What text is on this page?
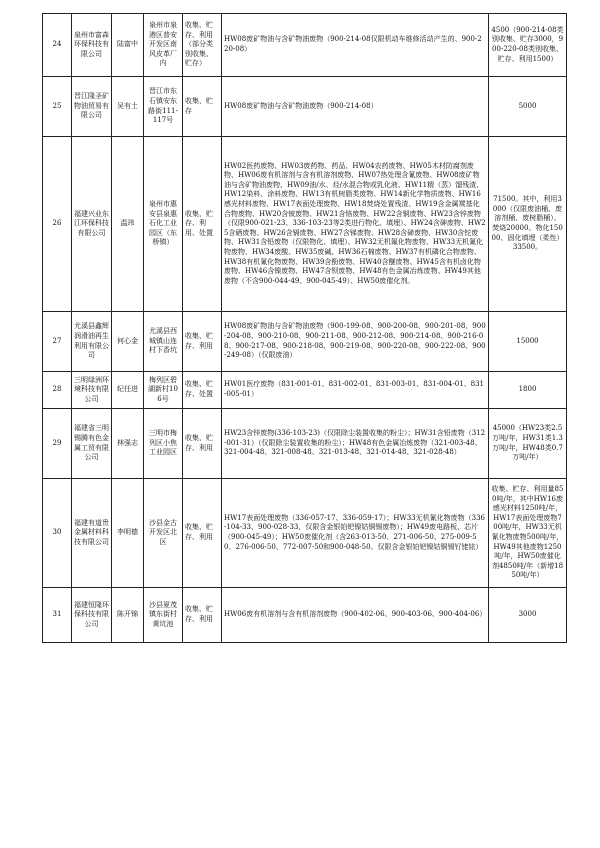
24	泉州市富森环保科技有限公司	陆富中	泉州市泉港区普安开发区南风皮革厂内	收集、贮存、利用（部分类别收集、贮存）	HW08废矿物油与含矿物油废物（900-214-08仅限机动车维修活动产生的、900-220-08）	4500（900-214-08类别收集、贮存3000，900-220-08类别收集、贮存、利用1500）
25	晋江隆圣矿物油贸易有限公司	吴有土	晋江市东石镇安东路街111-117号	收集、贮存	HW08废矿物油与含矿物油废物（900-214-08）	5000
26	福建兴业东江环保科技有限公司	温玮	泉州市惠安县泉惠石化工业园区（东桥镇）	收集、贮存、利用、处置	HW02医药废物、HW03废药物、药品、HW04农药废物、HW05木材防腐剂废物、HW06废有机溶剂与含有机溶剂废物、HW07热处理含氰废物、HW08废矿物油与含矿物油废物、HW09油/水、烃/水混合物或乳化液、HW11精（蒸）馏残渣、HW12染料、涂料废物、HW13有机树脂类废物、HW14新化学物质废物、HW16感光材料废物、HW17表面处理废物、HW18焚烧处置残渣、HW19含金属羰基化合物废物、HW20含铍废物、HW21含铬废物、HW22含铜废物、HW23含锌废物（仅限900-021-23、336-103-23等2类进行物化、填埋）、HW24含砷废物、HW25含硒废物、HW26含镉废物、HW27含锑废物、HW28含碲废物、HW30含铊废物、HW31含铅废物（仅限物化、填埋）、HW32无机氟化物废物、HW33无机氰化物废物、HW34废酸、HW35废碱、HW36石棉废物、HW37有机磷化合物废物、HW38有机氰化物废物、HW39含酚废物、HW40含醚废物、HW45含有机卤化物废物、HW46含镍废物、HW47含钡废物、HW48有色金属冶炼废物、HW49其他废物（不含900-044-49、900-045-49）、HW50废催化剂。	71500。其中，利用3000（仅限废油桶、废溶剂桶、废树脂桶）、焚烧20000、物化15000、固化填埋（柔性）33500。
27	尤溪县鑫辉润滑油再生利用有限公司	何心金	尤溪县西城镇山连村下香坑	收集、贮存、利用	HW08废矿物油与含矿物油废物（900-199-08、900-200-08、900-201-08、900-204-08、900-210-08、900-211-08、900-212-08、900-214-08、900-216-08、900-217-08、900-218-08、900-219-08、900-220-08、900-222-08、900-249-08）（仅限废油）	15000
28	三明绿洲环境科技有限公司	纪任进	梅列区碧湖新村106号	收集、贮存、处置	HW01医疗废物（831-001-01、831-002-01、831-003-01、831-004-01、831-005-01）	1800
29	福建省三明锡腾有色金属工贸有限公司	林强志	三明市梅列区小焦工业园区	收集、贮存、利用	HW23含锌废物(336-103-23)（仅限除尘装置收集的粉尘）；HW31含铅废物（312-001-31）（仅限除尘装置收集的粉尘）；HW48有色金属冶炼废物（321-003-48、321-004-48、321-008-48、321-013-48、321-014-48、321-028-48）	45000（HW23类2.5万吨/年，HW31类1.3万吨/年，HW48类0.7万吨/年）
30	福建有道贵金属材料科技有限公司	李明德	沙县金古开发区北区	收集、贮存、利用	HW17表面处理废物（336-057-17、336-059-17）；HW33无机氰化物废物（336-104-33、900-028-33，仅限含金银铂钯镍钴铜锡废物）；HW49废电路板、芯片（900-045-49）；HW50废催化剂（含263-013-50、271-006-50、275-009-50、276-006-50、772-007-50和900-048-50。仅限含金银铂钯镍钴铜锡钌铑铱）	收集、贮存、利用量850吨/年，其中HW16废感光材料1250吨/年，HW17表面处理废物700吨/年，HW33无机氰化物废物500吨/年，HW49其他废物1250吨/年，HW50废催化剂4850吨/年（新增1850吨/年）
31	福建恒隆环保科技有限公司	陈开锦	沙县夏茂镇东街村黄坑池	收集、贮存、利用	HW06废有机溶剂与含有机溶剂废物（900-402-06、900-403-06、900-404-06）	3000
